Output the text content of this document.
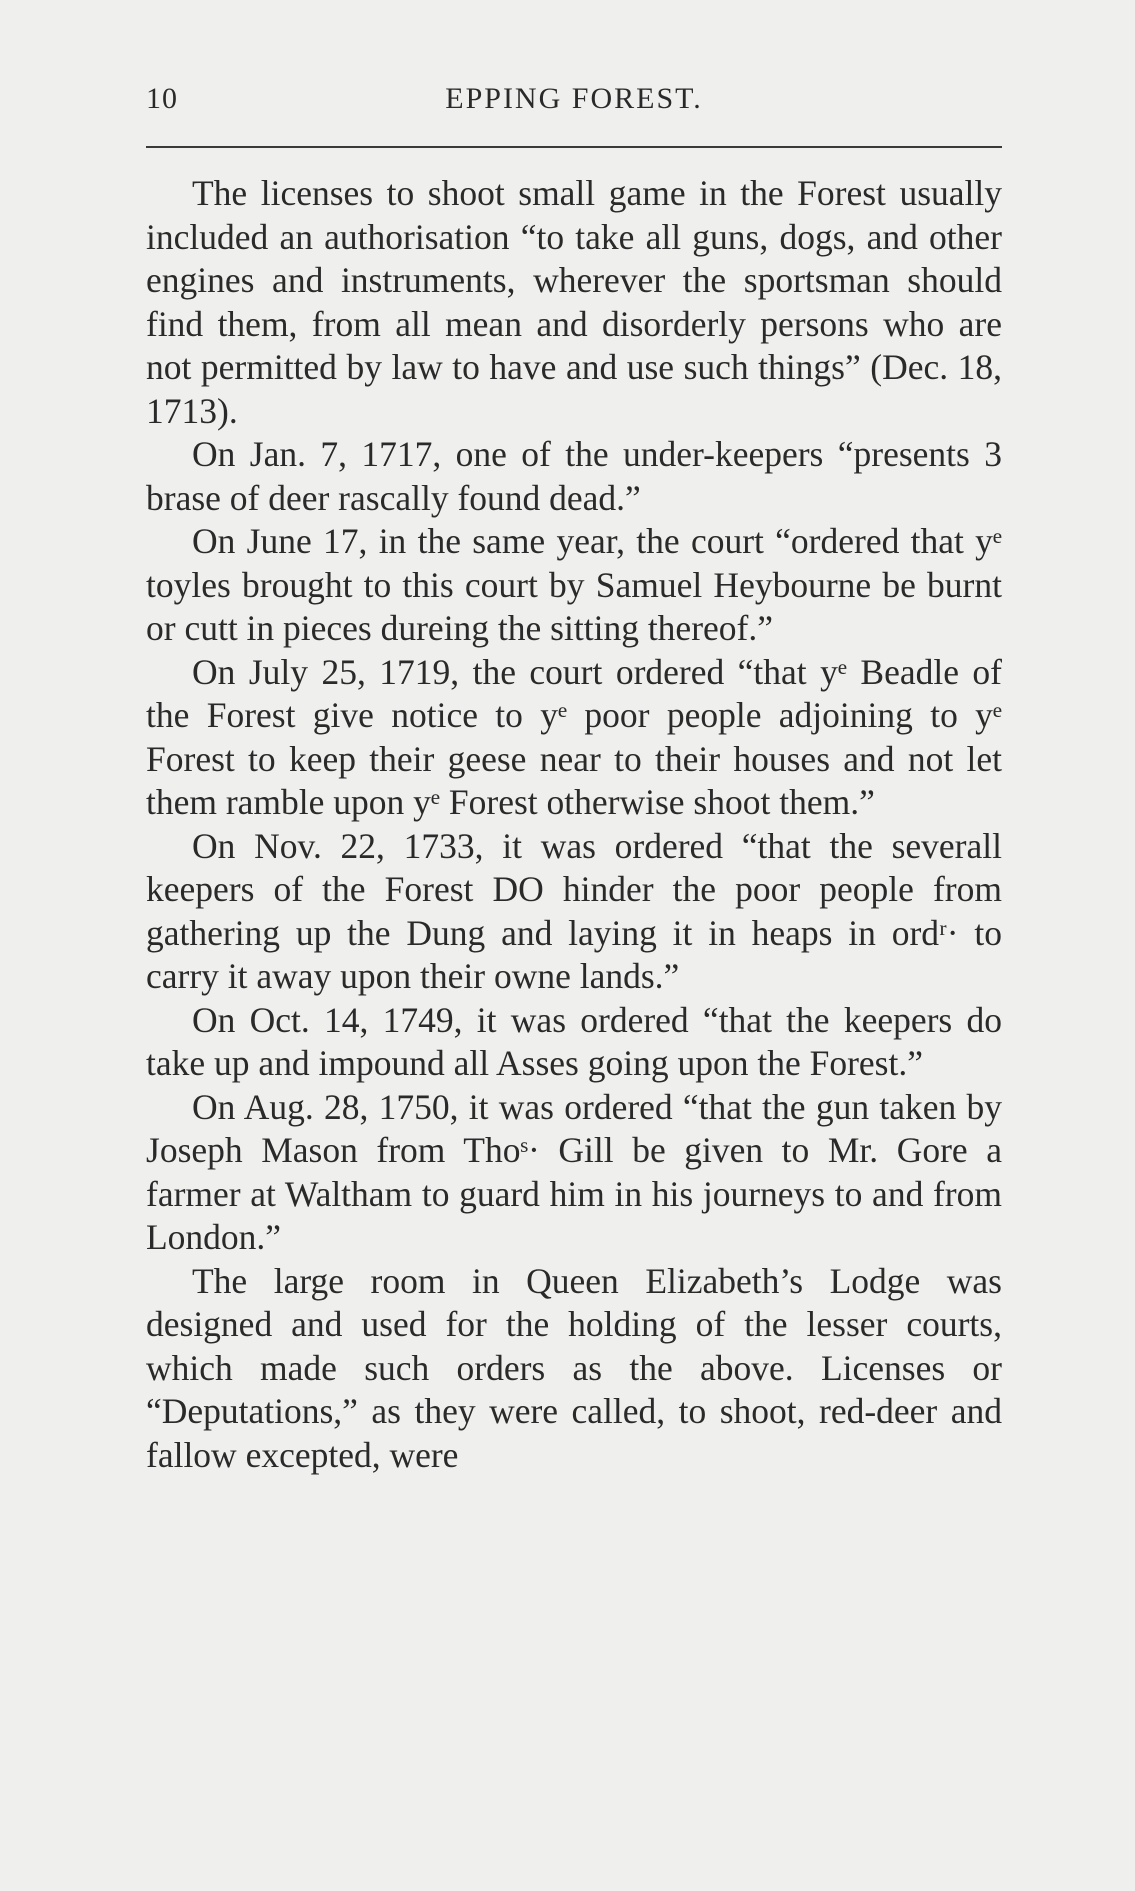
10	EPPING FOREST.

The licenses to shoot small game in the Forest usually included an authorisation “to take all guns, dogs, and other engines and instruments, wherever the sportsman should find them, from all mean and disorderly persons who are not permitted by law to have and use such things” (Dec. 18, 1713).

On Jan. 7, 1717, one of the under-keepers “presents 3 brase of deer rascally found dead.”

On June 17, in the same year, the court “ordered that yᵉ toyles brought to this court by Samuel Heybourne be burnt or cutt in pieces dureing the sitting thereof.”

On July 25, 1719, the court ordered “that yᵉ Beadle of the Forest give notice to yᵉ poor people adjoining to yᵉ Forest to keep their geese near to their houses and not let them ramble upon yᵉ Forest otherwise shoot them.”

On Nov. 22, 1733, it was ordered “that the severall keepers of the Forest DO hinder the poor people from gathering up the Dung and laying it in heaps in ordʳ· to carry it away upon their owne lands.”

On Oct. 14, 1749, it was ordered “that the keepers do take up and impound all Asses going upon the Forest.”

On Aug. 28, 1750, it was ordered “that the gun taken by Joseph Mason from Thoˢ· Gill be given to Mr. Gore a farmer at Waltham to guard him in his journeys to and from London.”

The large room in Queen Elizabeth’s Lodge was designed and used for the holding of the lesser courts, which made such orders as the above. Licenses or “Deputations,” as they were called, to shoot, red-deer and fallow excepted, were
